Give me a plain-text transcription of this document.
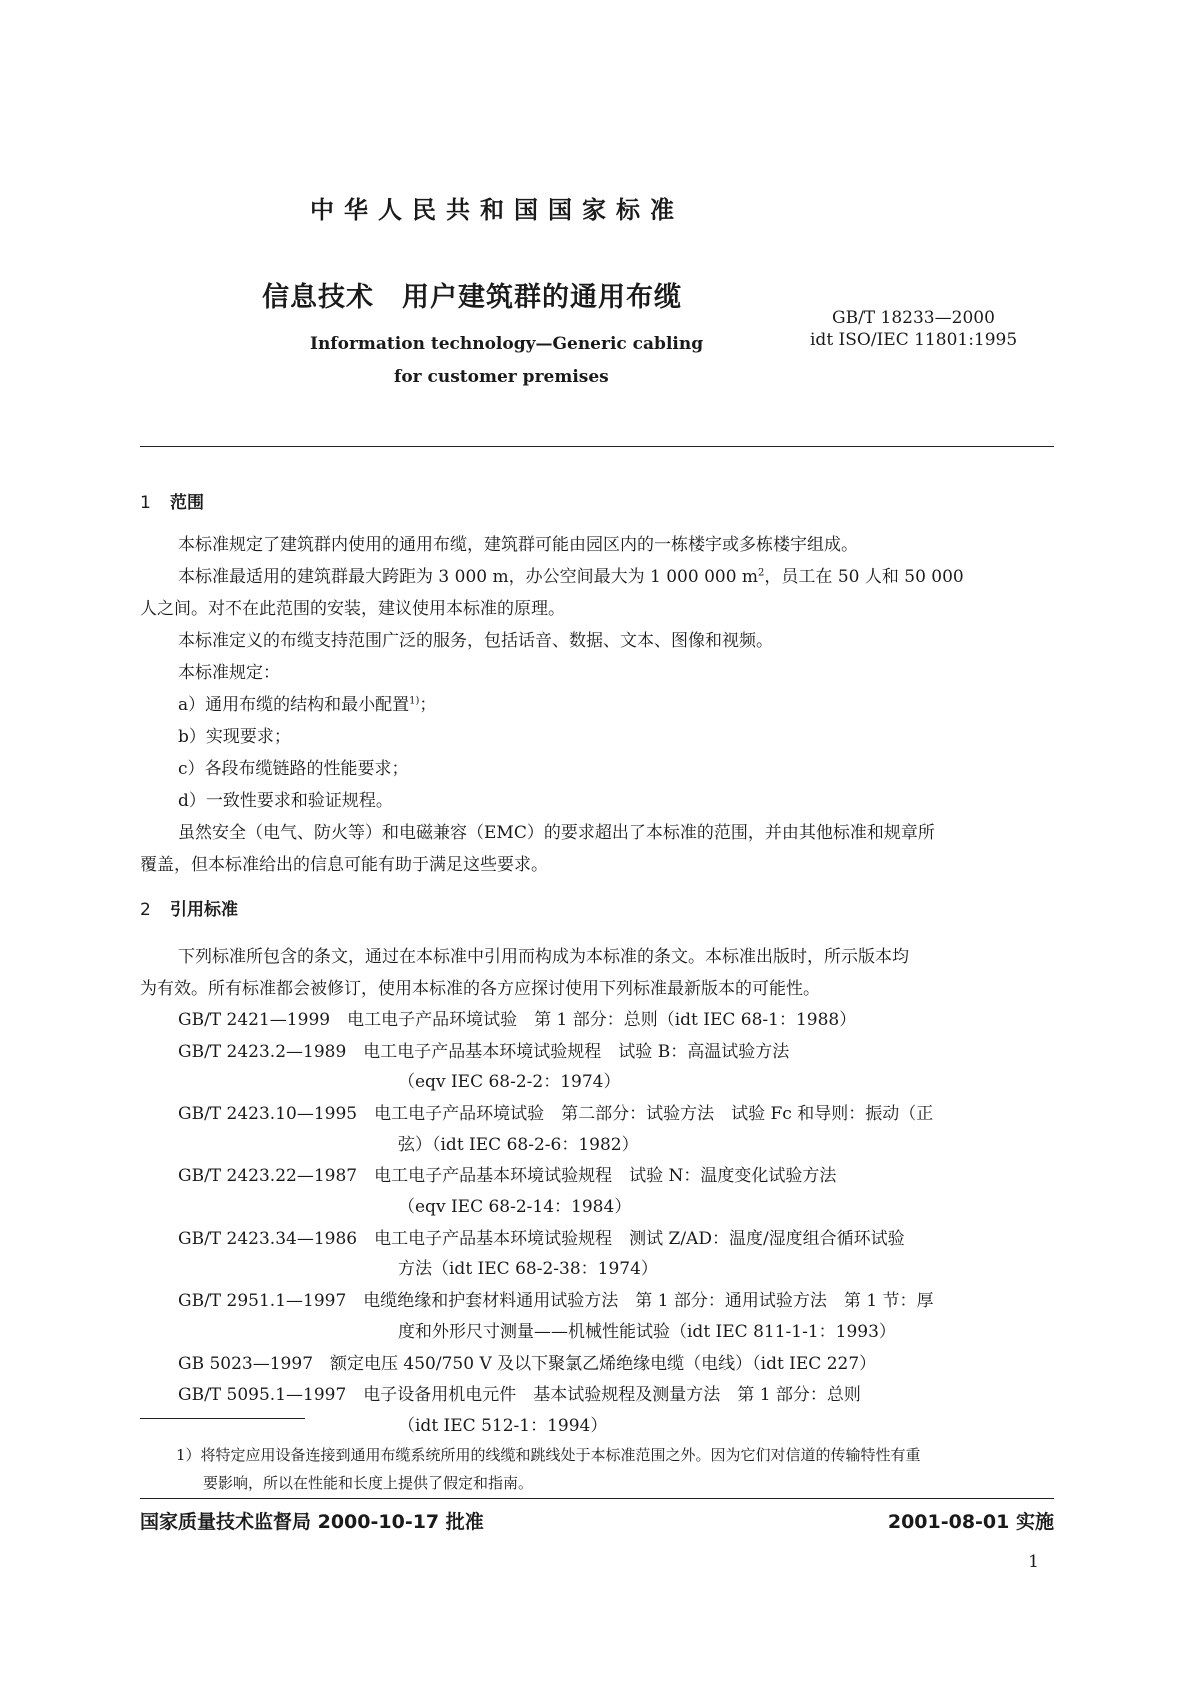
中华人民共和国国家标准
信息技术　用户建筑群的通用布缆
Information technology—Generic cabling
for customer premises
GB/T 18233—2000
idt ISO/IEC 11801:1995
1 范围
本标准规定了建筑群内使用的通用布缆，建筑群可能由园区内的一栋楼宇或多栋楼宇组成。
本标准最适用的建筑群最大跨距为 3 000 m，办公空间最大为 1 000 000 $m^2$，员工在 50 人和 50 000
人之间。对不在此范围的安装，建议使用本标准的原理。
本标准定义的布缆支持范围广泛的服务，包括话音、数据、文本、图像和视频。
本标准规定：
a）通用布缆的结构和最小配置$^{1)}$；
b）实现要求；
c）各段布缆链路的性能要求；
d）一致性要求和验证规程。
虽然安全（电气、防火等）和电磁兼容（EMC）的要求超出了本标准的范围，并由其他标准和规章所
覆盖，但本标准给出的信息可能有助于满足这些要求。
2 引用标准
下列标准所包含的条文，通过在本标准中引用而构成为本标准的条文。本标准出版时，所示版本均
为有效。所有标准都会被修订，使用本标准的各方应探讨使用下列标准最新版本的可能性。
GB/T 2421—1999　 电工电子产品环境试验　第 1 部分：总则（idt IEC 68-1：1988）
GB/T 2423.2—1989　 电工电子产品基本环境试验规程　试验 B：高温试验方法
（eqv IEC 68-2-2：1974）
GB/T 2423.10—1995　 电工电子产品环境试验　第二部分：试验方法　试验 Fc 和导则：振动（正
弦）（idt IEC 68-2-6：1982）
GB/T 2423.22—1987　 电工电子产品基本环境试验规程　试验 N：温度变化试验方法
（eqv IEC 68-2-14：1984）
GB/T 2423.34—1986　 电工电子产品基本环境试验规程　测试 Z/AD：温度/湿度组合循环试验
方法（idt IEC 68-2-38：1974）
GB/T 2951.1—1997　 电缆绝缘和护套材料通用试验方法　第 1 部分：通用试验方法　第 1 节：厚
度和外形尺寸测量——机械性能试验（idt IEC 811-1-1：1993）
GB 5023—1997　 额定电压 450/750 V 及以下聚氯乙烯绝缘电缆（电线）（idt IEC 227）
GB/T 5095.1—1997　 电子设备用机电元件　基本试验规程及测量方法　第 1 部分：总则
（idt IEC 512-1：1994）
1）将特定应用设备连接到通用布缆系统所用的线缆和跳线处于本标准范围之外。因为它们对信道的传输特性有重
要影响，所以在性能和长度上提供了假定和指南。
国家质量技术监督局 2000-10-17 批准	2001-08-01 实施
1
